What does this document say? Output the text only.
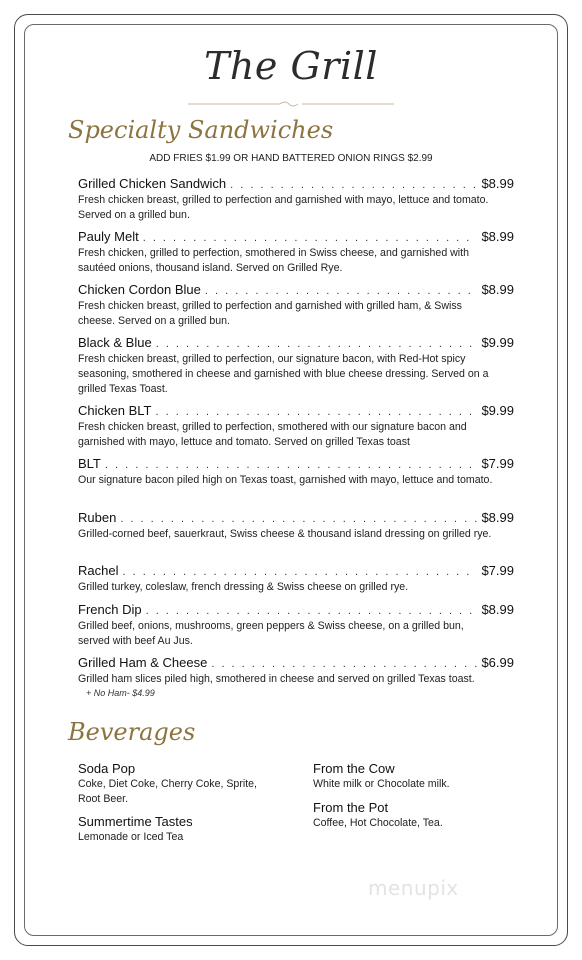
The Grill
Specialty Sandwiches
ADD FRIES $1.99 OR HAND BATTERED ONION RINGS $2.99
Grilled Chicken Sandwich . . .	$8.99
Fresh chicken breast, grilled to perfection and garnished with mayo, lettuce and tomato. Served on a grilled bun.
Pauly Melt . . .	$8.99
Fresh chicken, grilled to perfection, smothered in Swiss cheese, and garnished with sautéed onions, thousand island. Served on Grilled Rye.
Chicken Cordon Blue . . .	$8.99
Fresh chicken breast, grilled to perfection and garnished with grilled ham, & Swiss cheese. Served on a grilled bun.
Black & Blue . . .	$9.99
Fresh chicken breast, grilled to perfection, our signature bacon, with Red-Hot spicy seasoning, smothered in cheese and garnished with blue cheese dressing. Served on a grilled Texas Toast.
Chicken BLT . . .	$9.99
Fresh chicken breast, grilled to perfection, smothered with our signature bacon and garnished with mayo, lettuce and tomato. Served on grilled Texas toast
BLT . . .	$7.99
Our signature bacon piled high on Texas toast, garnished with mayo, lettuce and tomato.
Ruben . . .	$8.99
Grilled-corned beef, sauerkraut, Swiss cheese & thousand island dressing on grilled rye.
Rachel . . .	$7.99
Grilled turkey, coleslaw, french dressing & Swiss cheese on grilled rye.
French Dip . . .	$8.99
Grilled beef, onions, mushrooms, green peppers & Swiss cheese, on a grilled bun, served with beef Au Jus.
Grilled Ham & Cheese . . .	$6.99
Grilled ham slices piled high, smothered in cheese and served on grilled Texas toast.
+ No Ham- $4.99
Beverages
Soda Pop
Coke, Diet Coke, Cherry Coke, Sprite, Root Beer.
Summertime Tastes
Lemonade or Iced Tea
From the Cow
White milk or Chocolate milk.
From the Pot
Coffee, Hot Chocolate, Tea.
menupix
